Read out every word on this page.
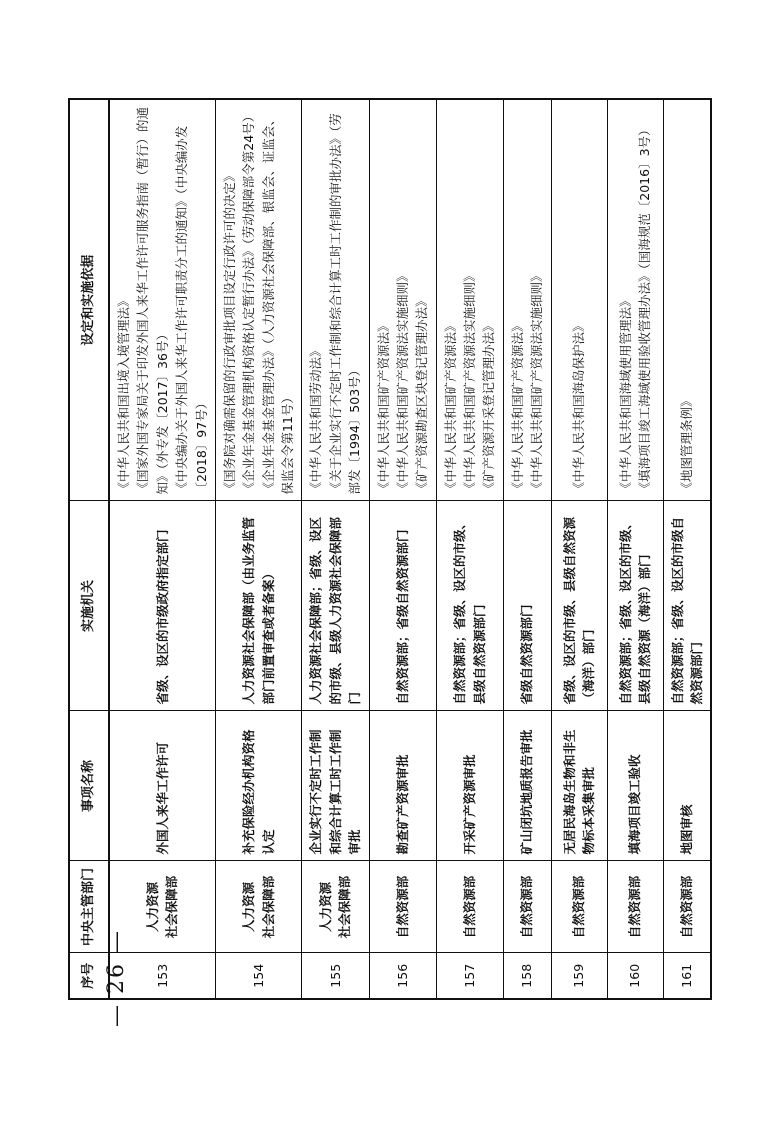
序号	中央主管部门	事项名称	实施机关	设定和实施依据
153	人力资源 社会保障部	外国人来华工作许可	省级、设区的市级政府指定部门	《中华人民共和国出境入境管理法》 《国家外国专家局关于印发外国人来华工作许可服务指南（暂行）的通知》（外专发〔2017〕36号） 《中央编办关于外国人来华工作许可职责分工的通知》（中央编办发〔2018〕97号）

154	人力资源 社会保障部	补充保险经办机构资格认定	人力资源社会保障部（由业务监管部门前置审查或者备案）	《国务院对确需保留的行政审批项目设定行政许可的决定》 《企业年金基金管理机构资格认定暂行办法》（劳动保障部令第24号） 《企业年金基金管理办法》（人力资源社会保障部、银监会、证监会、保监会令第11号）

155	人力资源 社会保障部	企业实行不定时工作制和综合计算工时工作制审批	人力资源社会保障部；省级、设区的市级、县级人力资源社会保障部门	《中华人民共和国劳动法》 《关于企业实行不定时工作制和综合计算工时工作制的审批办法》（劳部发〔1994〕503号）

156	自然资源部	勘查矿产资源审批	自然资源部；省级自然资源部门	《中华人民共和国矿产资源法》 《中华人民共和国矿产资源法实施细则》 《矿产资源勘查区块登记管理办法》

157	自然资源部	开采矿产资源审批	自然资源部；省级、设区的市级、县级自然资源部门	《中华人民共和国矿产资源法》 《中华人民共和国矿产资源法实施细则》 《矿产资源开采登记管理办法》

158	自然资源部	矿山闭坑地质报告审批	省级自然资源部门	《中华人民共和国矿产资源法》 《中华人民共和国矿产资源法实施细则》

159	自然资源部	无居民海岛生物和非生物标本采集审批	省级、设区的市级、县级自然资源（海洋）部门	《中华人民共和国海岛保护法》

160	自然资源部	填海项目竣工验收	自然资源部；省级、设区的市级、县级自然资源（海洋）部门	《中华人民共和国海域使用管理法》 《填海项目竣工海域使用验收管理办法》（国海规范〔2016〕3号）

161	自然资源部	地图审核	自然资源部；省级、设区的市级自然资源部门	《地图管理条例》
— 26 —
